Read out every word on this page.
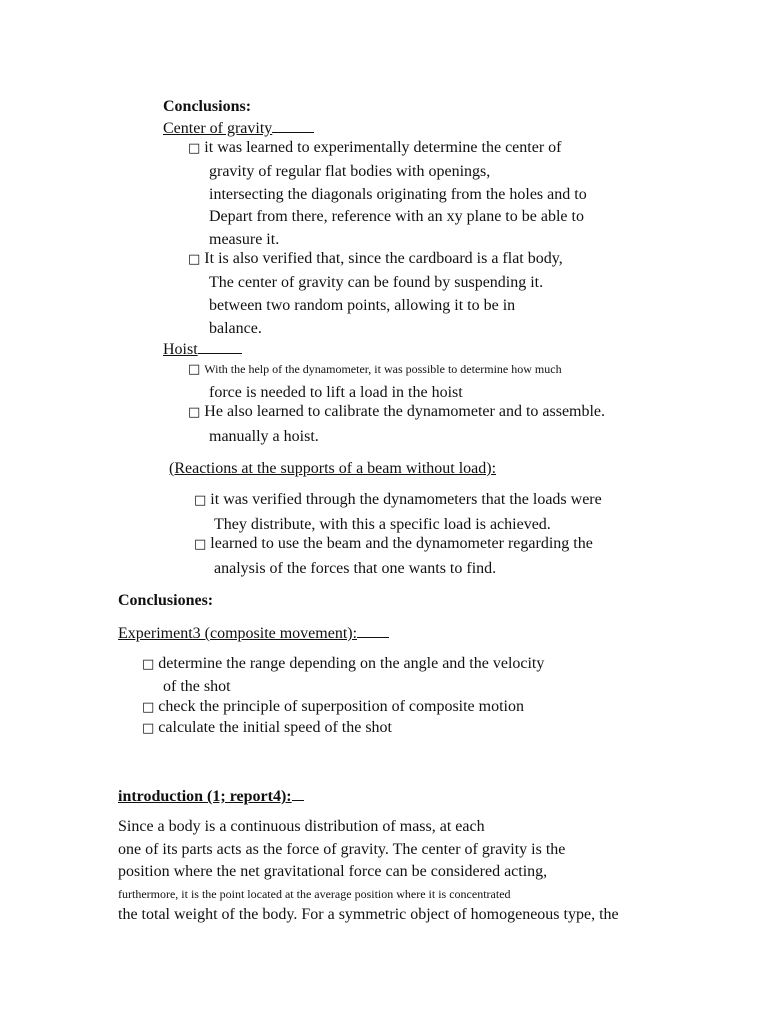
Conclusions:
Center of gravity
□ it was learned to experimentally determine the center of
gravity of regular flat bodies with openings,
intersecting the diagonals originating from the holes and to
Depart from there, reference with an xy plane to be able to
measure it.
□ It is also verified that, since the cardboard is a flat body,
The center of gravity can be found by suspending it.
between two random points, allowing it to be in
balance.
Hoist
□ With the help of the dynamometer, it was possible to determine how much
force is needed to lift a load in the hoist
□ He also learned to calibrate the dynamometer and to assemble.
manually a hoist.
(Reactions at the supports of a beam without load):
□ it was verified through the dynamometers that the loads were
They distribute, with this a specific load is achieved.
□ learned to use the beam and the dynamometer regarding the
analysis of the forces that one wants to find.
Conclusiones:
Experiment3 (composite movement):
□ determine the range depending on the angle and the velocity
of the shot
□ check the principle of superposition of composite motion
□ calculate the initial speed of the shot
introduction (1; report4):
Since a body is a continuous distribution of mass, at each
one of its parts acts as the force of gravity. The center of gravity is the
position where the net gravitational force can be considered acting,
furthermore, it is the point located at the average position where it is concentrated
the total weight of the body. For a symmetric object of homogeneous type, the
